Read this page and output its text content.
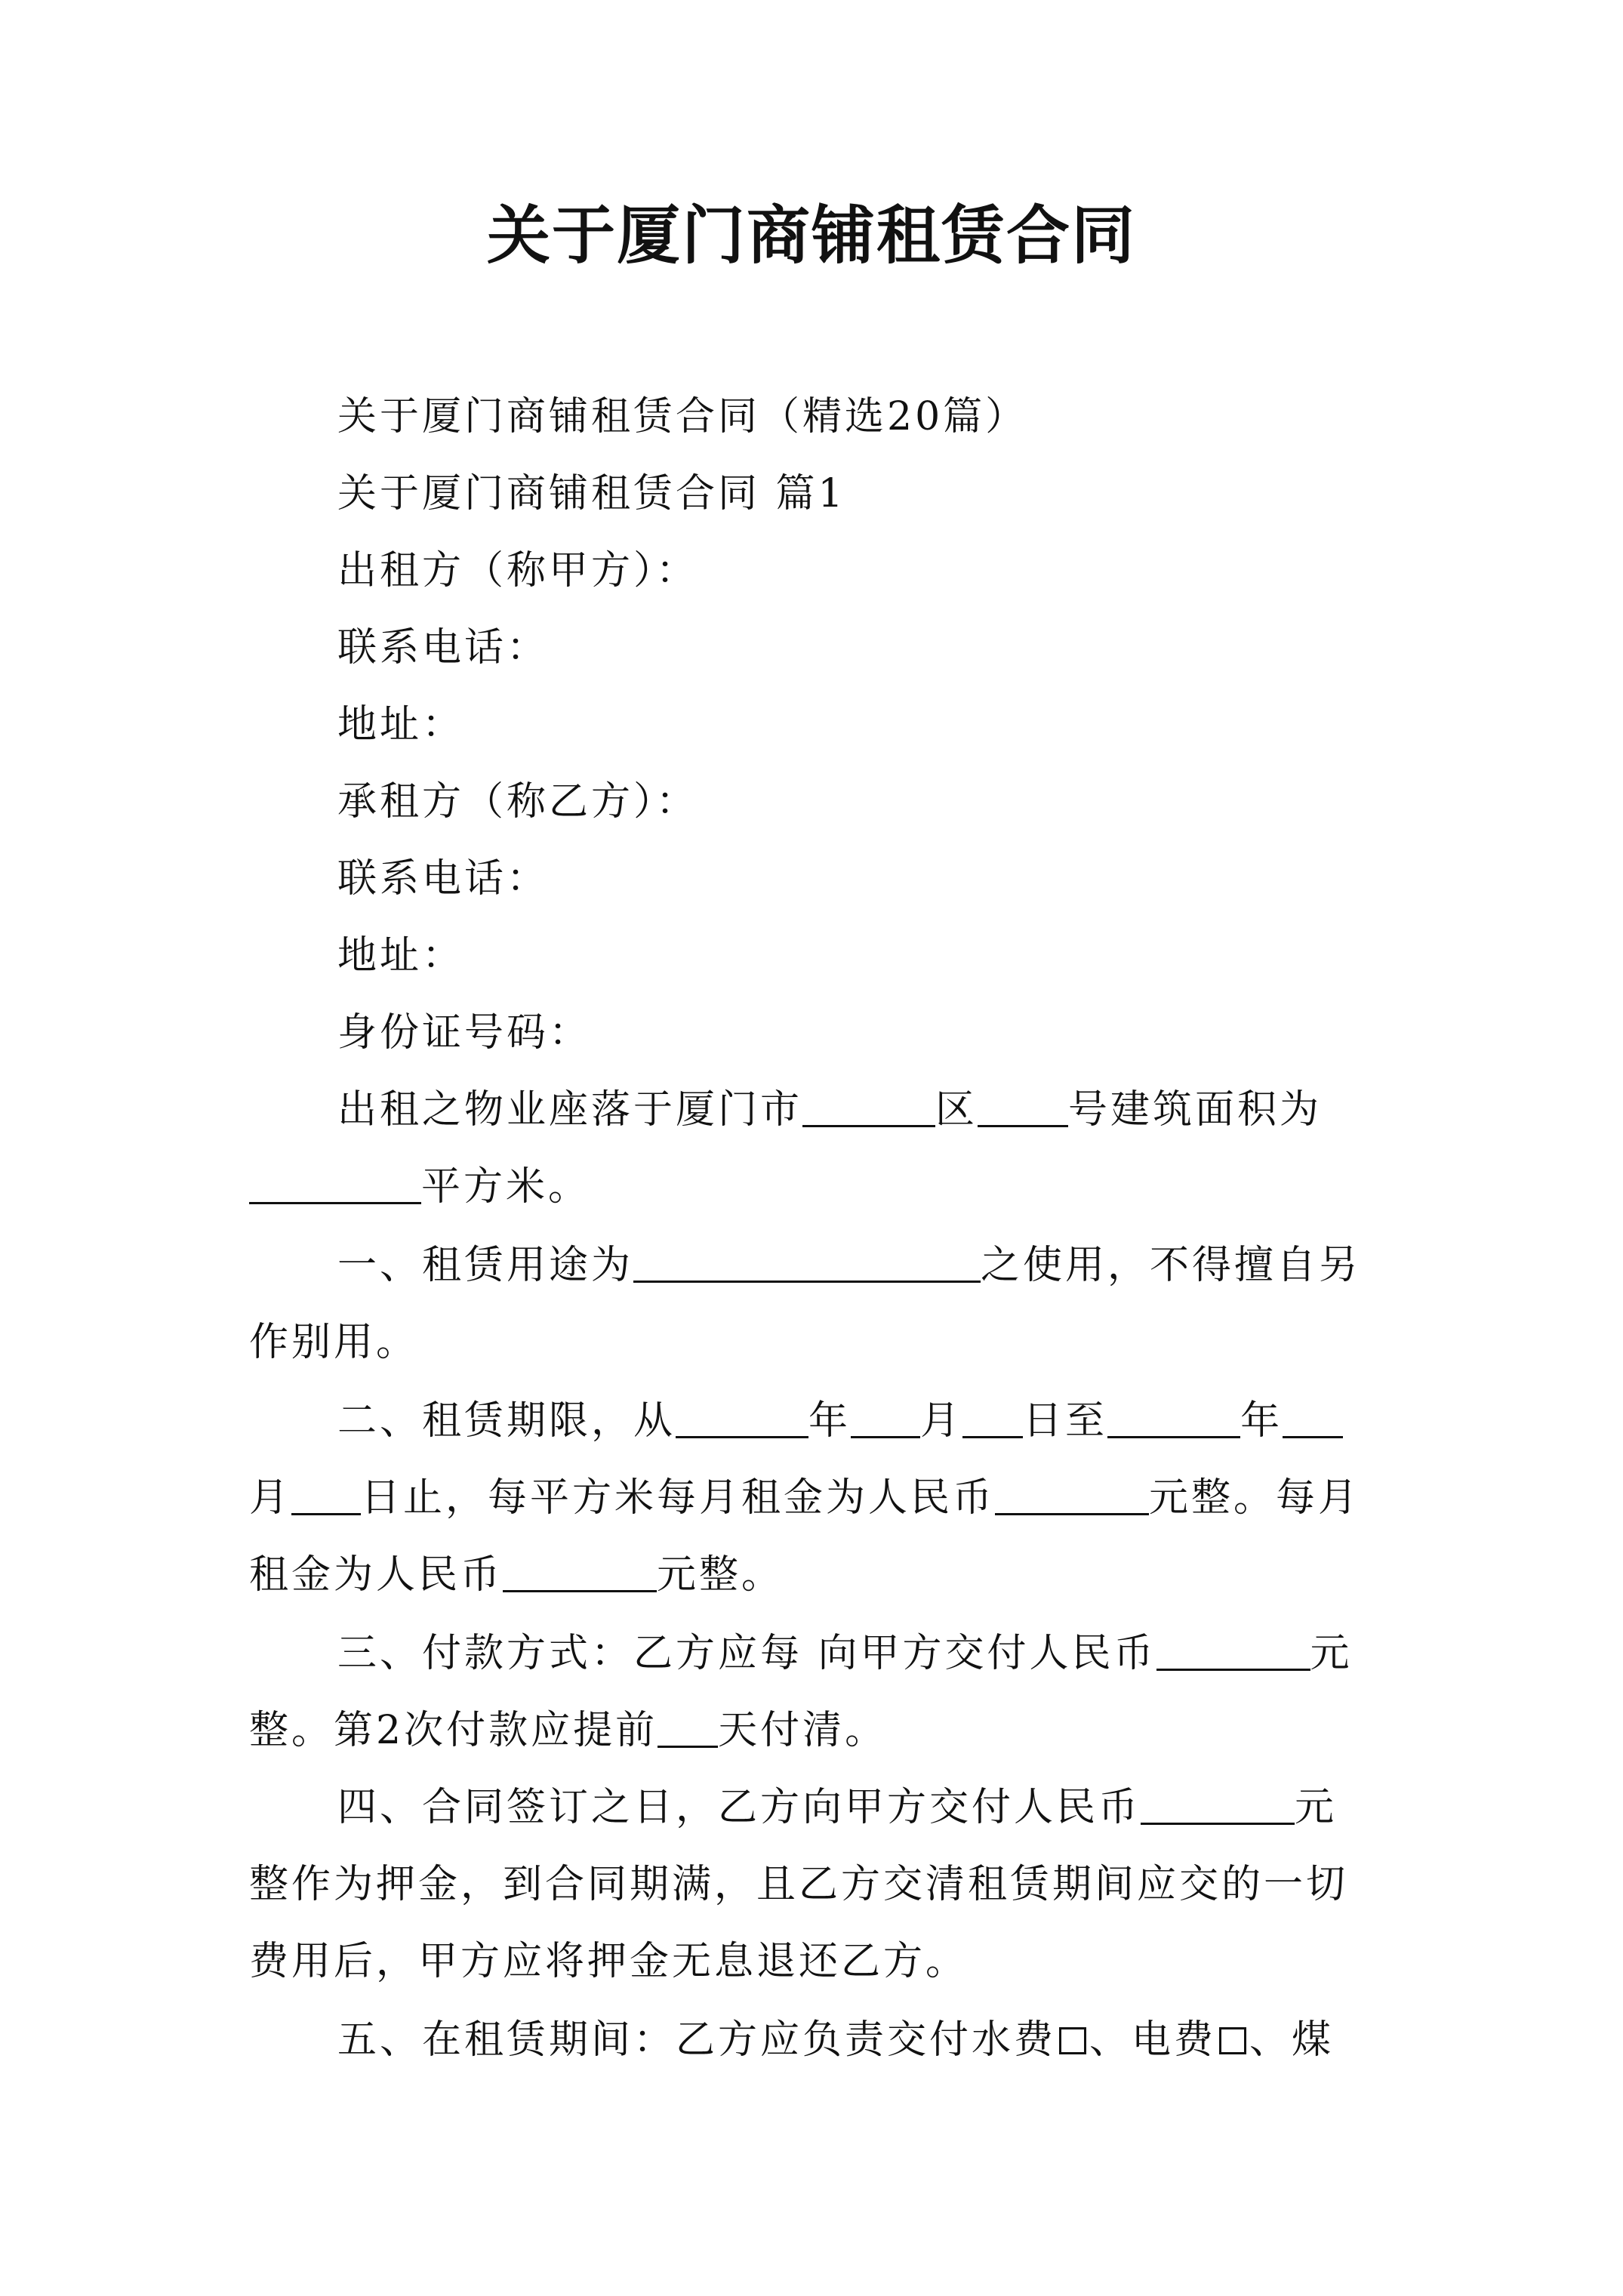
关于厦门商铺租赁合同
关于厦门商铺租赁合同（精选20篇）
关于厦门商铺租赁合同 篇1
出租方（称甲方）：
联系电话：
地址：
承租方（称乙方）：
联系电话：
地址：
身份证号码：
出租之物业座落于厦门市	区 号建筑面积为
平方米。
一、租赁用途为	之使用，不得擅自另
作别用。
二、租赁期限，从	年 月 日至	年
月 日止，每平方米每月租金为人民币	元整。每月
租金为人民币	元整。
三、付款方式：乙方应每 向甲方交付人民币	元
整。第2次付款应提前 天付清。
四、合同签订之日，乙方向甲方交付人民币	元
整作为押金，到合同期满，且乙方交清租赁期间应交的一切
费用后，甲方应将押金无息退还乙方。
五、在租赁期间：乙方应负责交付水费 、电费 、煤
